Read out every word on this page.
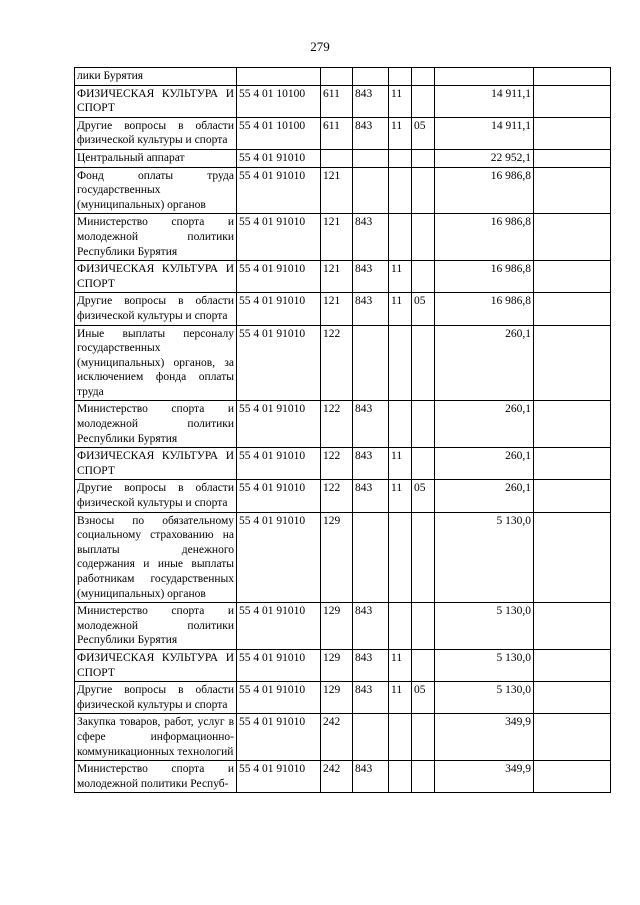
279
лики Бурятия							
ФИЗИЧЕСКАЯ КУЛЬТУРА И СПОРТ	55 4 01 10100	611	843	11		14 911,1	
Другие вопросы в области физической культуры и спорта	55 4 01 10100	611	843	11	05	14 911,1	
Центральный аппарат	55 4 01 91010					22 952,1	
Фонд оплаты труда государственных (муниципальных) органов	55 4 01 91010	121				16 986,8	
Министерство спорта и молодежной политики Республики Бурятия	55 4 01 91010	121	843			16 986,8	
ФИЗИЧЕСКАЯ КУЛЬТУРА И СПОРТ	55 4 01 91010	121	843	11		16 986,8	
Другие вопросы в области физической культуры и спорта	55 4 01 91010	121	843	11	05	16 986,8	
Иные выплаты персоналу государственных (муниципальных) органов, за исключением фонда оплаты труда	55 4 01 91010	122				260,1	
Министерство спорта и молодежной политики Республики Бурятия	55 4 01 91010	122	843			260,1	
ФИЗИЧЕСКАЯ КУЛЬТУРА И СПОРТ	55 4 01 91010	122	843	11		260,1	
Другие вопросы в области физической культуры и спорта	55 4 01 91010	122	843	11	05	260,1	
Взносы по обязательному социальному страхованию на выплаты денежного содержания и иные выплаты работникам государственных (муниципальных) органов	55 4 01 91010	129				5 130,0	
Министерство спорта и молодежной политики Республики Бурятия	55 4 01 91010	129	843			5 130,0	
ФИЗИЧЕСКАЯ КУЛЬТУРА И СПОРТ	55 4 01 91010	129	843	11		5 130,0	
Другие вопросы в области физической культуры и спорта	55 4 01 91010	129	843	11	05	5 130,0	
Закупка товаров, работ, услуг в сфере информационно-коммуникационных технологий	55 4 01 91010	242				349,9	
Министерство спорта и молодежной политики Респуб-	55 4 01 91010	242	843			349,9	
